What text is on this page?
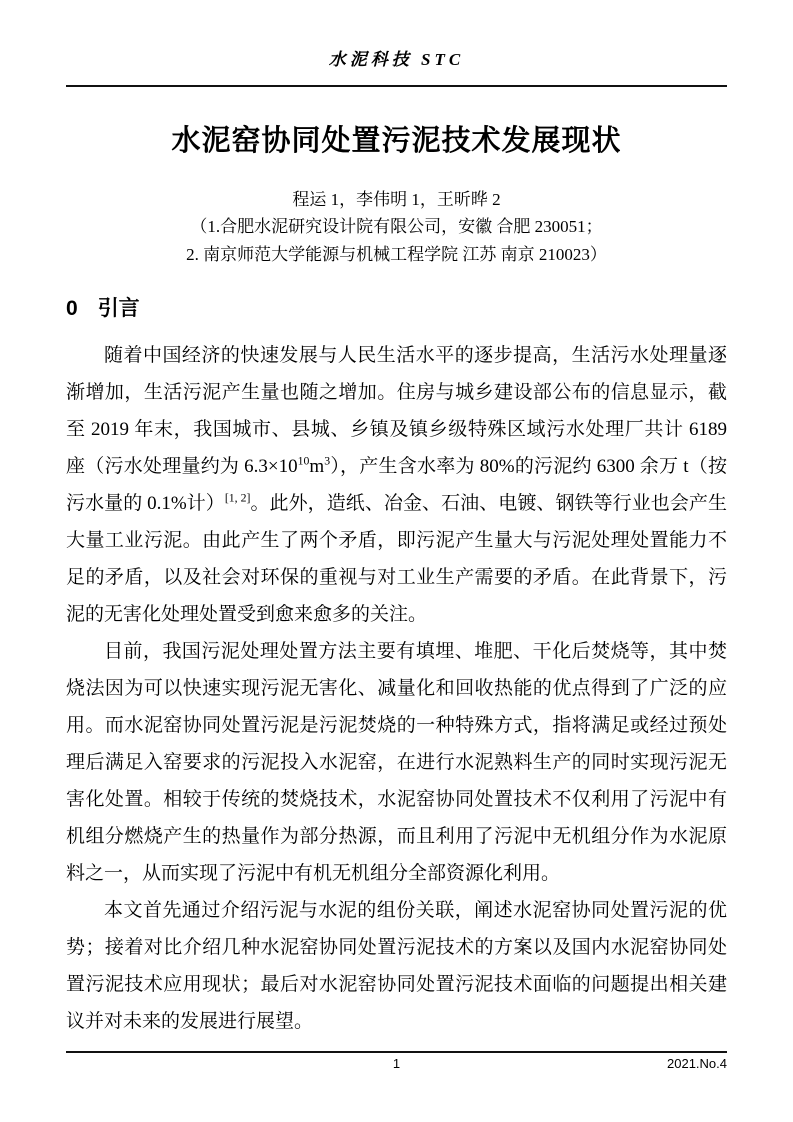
水泥科技 STC
水泥窑协同处置污泥技术发展现状
程运 1，李伟明 1，王昕晔 2
（1.合肥水泥研究设计院有限公司，安徽 合肥 230051；
2. 南京师范大学能源与机械工程学院 江苏 南京 210023）
0 引言

随着中国经济的快速发展与人民生活水平的逐步提高，生活污水处理量逐渐增加，生活污泥产生量也随之增加。住房与城乡建设部公布的信息显示，截至 2019 年末，我国城市、县城、乡镇及镇乡级特殊区域污水处理厂共计 6189 座（污水处理量约为 $6.3\times 10^{10}m^3$），产生含水率为 80%的污泥约 6300 余万 t（按污水量的 0.1%计）[1, 2]。此外，造纸、冶金、石油、电镀、钢铁等行业也会产生大量工业污泥。由此产生了两个矛盾，即污泥产生量大与污泥处理处置能力不足的矛盾，以及社会对环保的重视与对工业生产需要的矛盾。在此背景下，污泥的无害化处理处置受到愈来愈多的关注。

目前，我国污泥处理处置方法主要有填埋、堆肥、干化后焚烧等，其中焚烧法因为可以快速实现污泥无害化、减量化和回收热能的优点得到了广泛的应用。而水泥窑协同处置污泥是污泥焚烧的一种特殊方式，指将满足或经过预处理后满足入窑要求的污泥投入水泥窑，在进行水泥熟料生产的同时实现污泥无害化处置。相较于传统的焚烧技术，水泥窑协同处置技术不仅利用了污泥中有机组分燃烧产生的热量作为部分热源，而且利用了污泥中无机组分作为水泥原料之一，从而实现了污泥中有机无机组分全部资源化利用。

本文首先通过介绍污泥与水泥的组份关联，阐述水泥窑协同处置污泥的优势；接着对比介绍几种水泥窑协同处置污泥技术的方案以及国内水泥窑协同处置污泥技术应用现状；最后对水泥窑协同处置污泥技术面临的问题提出相关建议并对未来的发展进行展望。

1	2021.No.4
